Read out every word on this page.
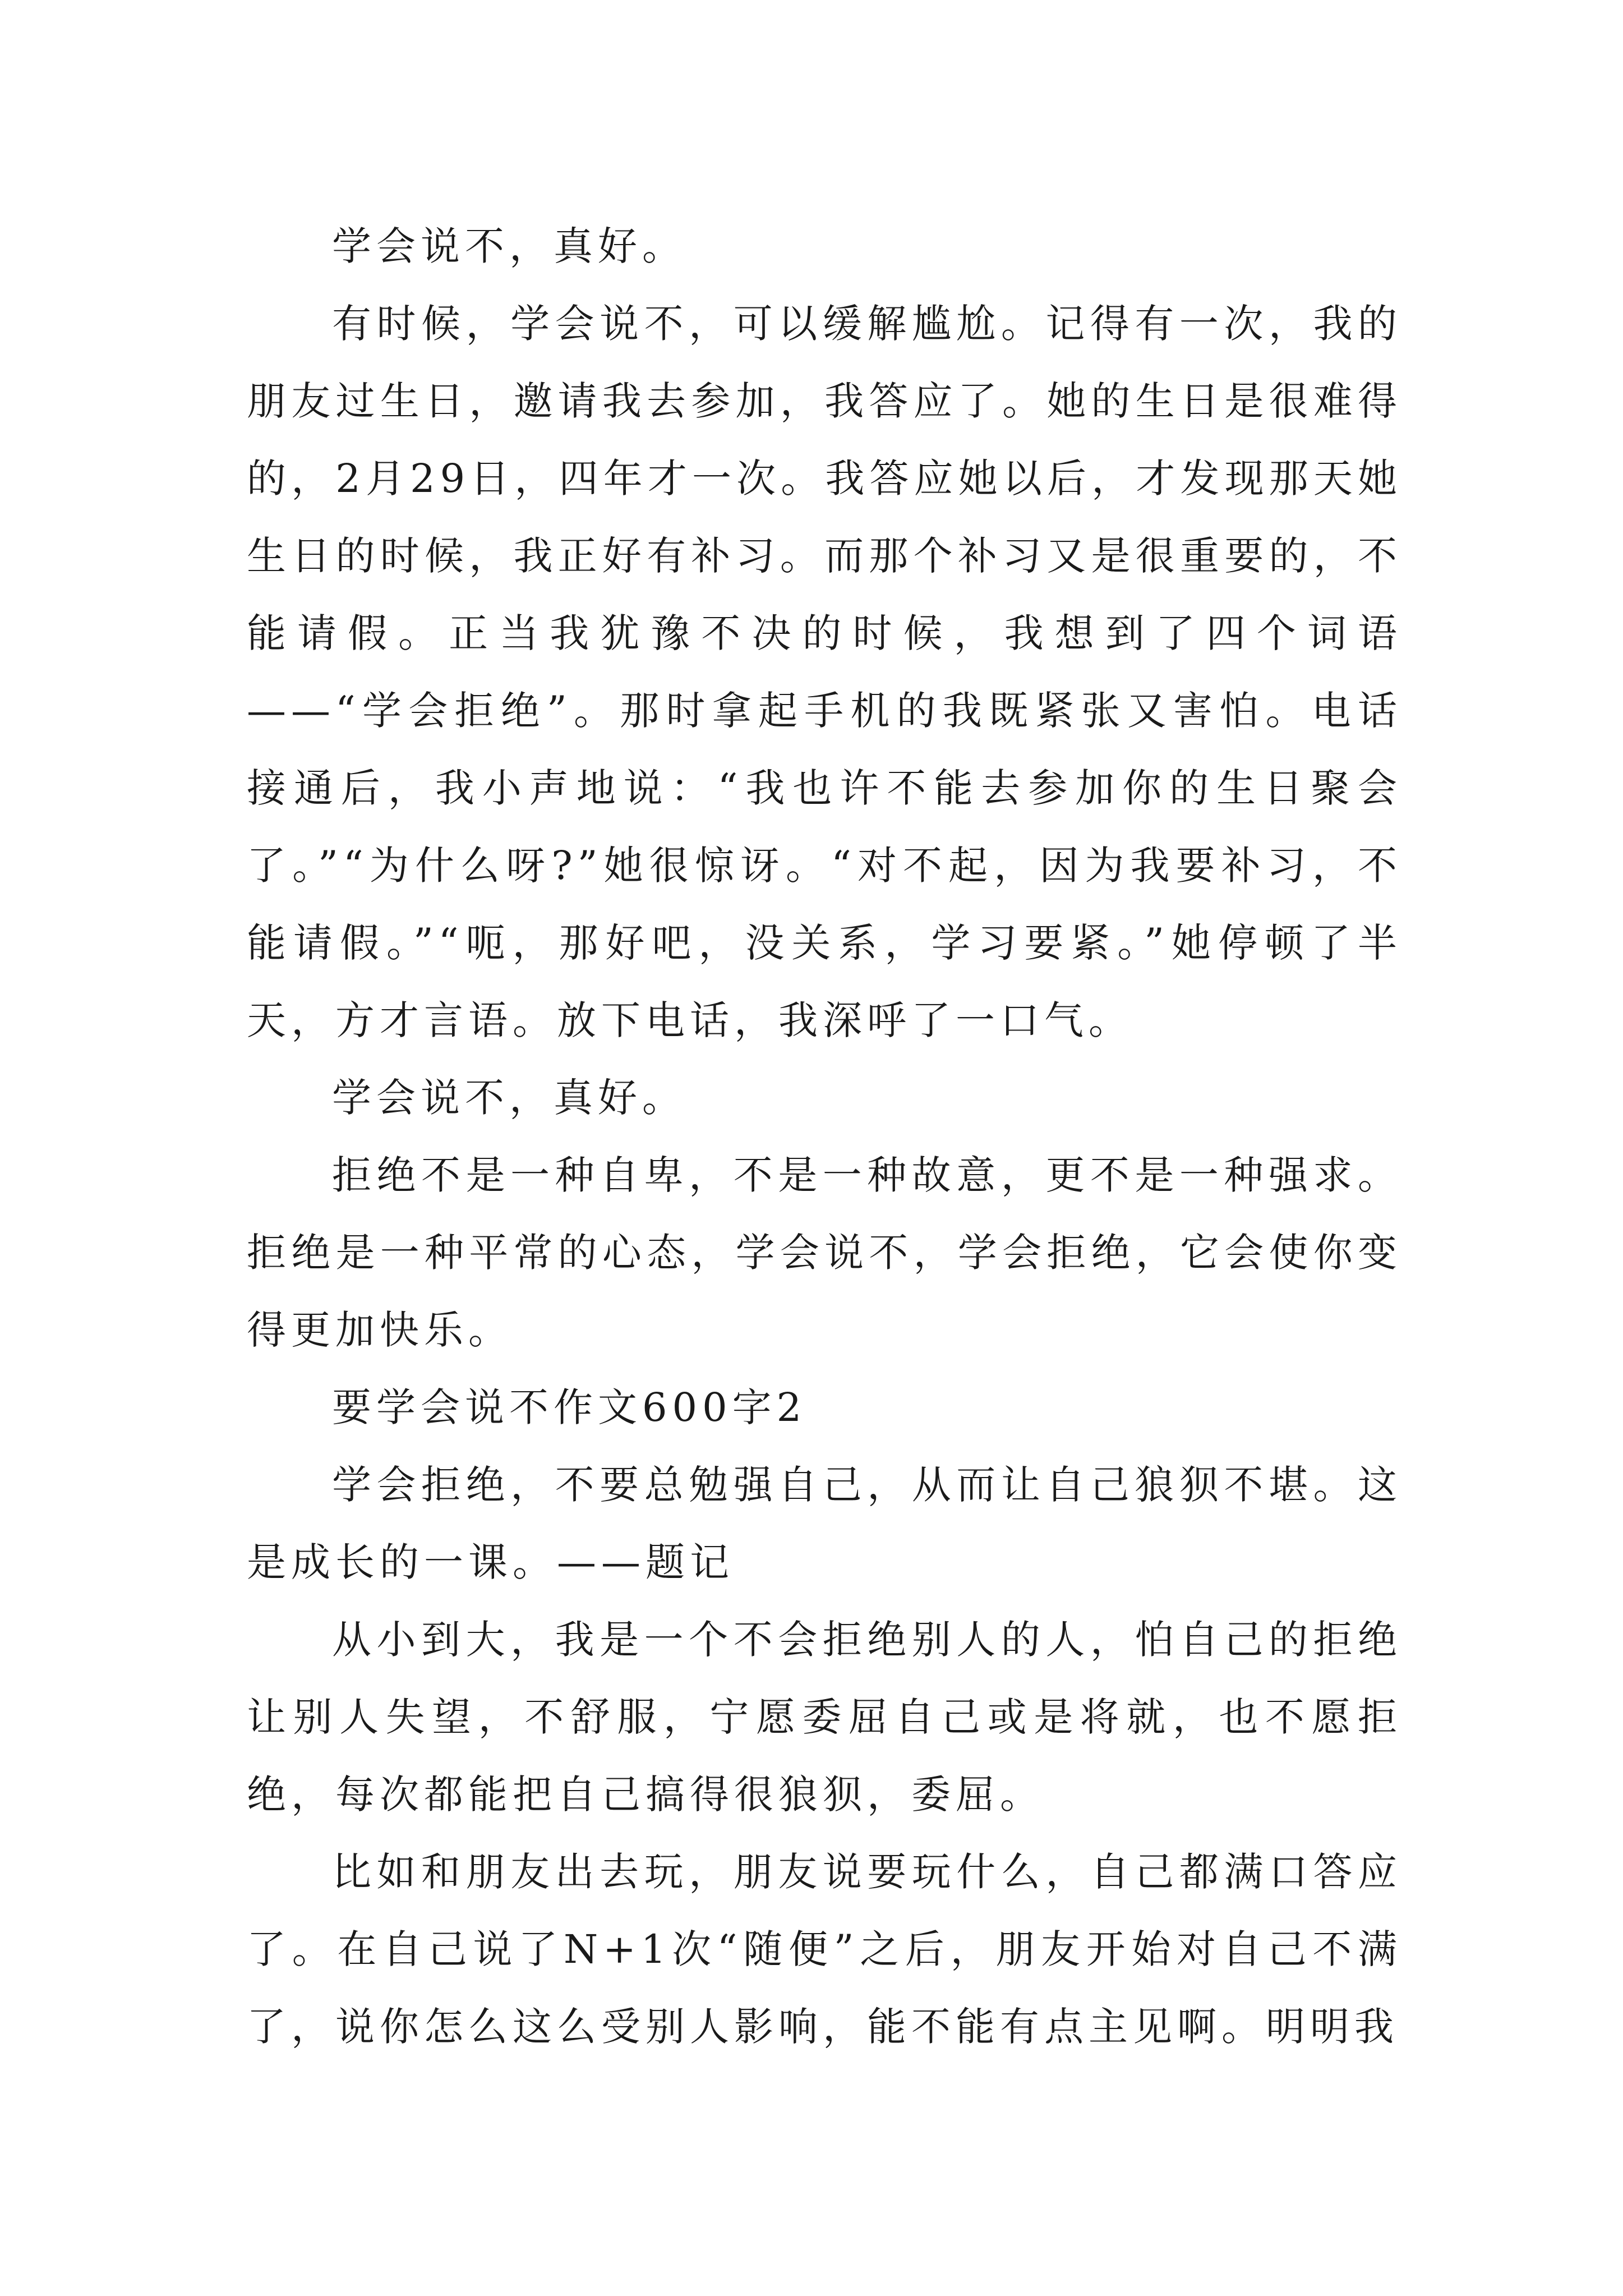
学会说不，真好。

有时候，学会说不，可以缓解尴尬。记得有一次，我的朋友过生日，邀请我去参加，我答应了。她的生日是很难得的，2月29日，四年才一次。我答应她以后，才发现那天她生日的时候，我正好有补习。而那个补习又是很重要的，不能请假。正当我犹豫不决的时候，我想到了四个词语——“学会拒绝”。那时拿起手机的我既紧张又害怕。电话接通后，我小声地说：“我也许不能去参加你的生日聚会了。”“为什么呀?”她很惊讶。“对不起，因为我要补习，不能请假。”“呃，那好吧，没关系，学习要紧。”她停顿了半天，方才言语。放下电话，我深呼了一口气。

学会说不，真好。

拒绝不是一种自卑，不是一种故意，更不是一种强求。拒绝是一种平常的心态，学会说不，学会拒绝，它会使你变得更加快乐。

要学会说不作文600字2

学会拒绝，不要总勉强自己，从而让自己狼狈不堪。这是成长的一课。——题记

从小到大，我是一个不会拒绝别人的人，怕自己的拒绝让别人失望，不舒服，宁愿委屈自己或是将就，也不愿拒绝，每次都能把自己搞得很狼狈，委屈。

比如和朋友出去玩，朋友说要玩什么，自己都满口答应了。在自己说了N+1次“随便”之后，朋友开始对自己不满了，说你怎么这么受别人影响，能不能有点主见啊。明明我
